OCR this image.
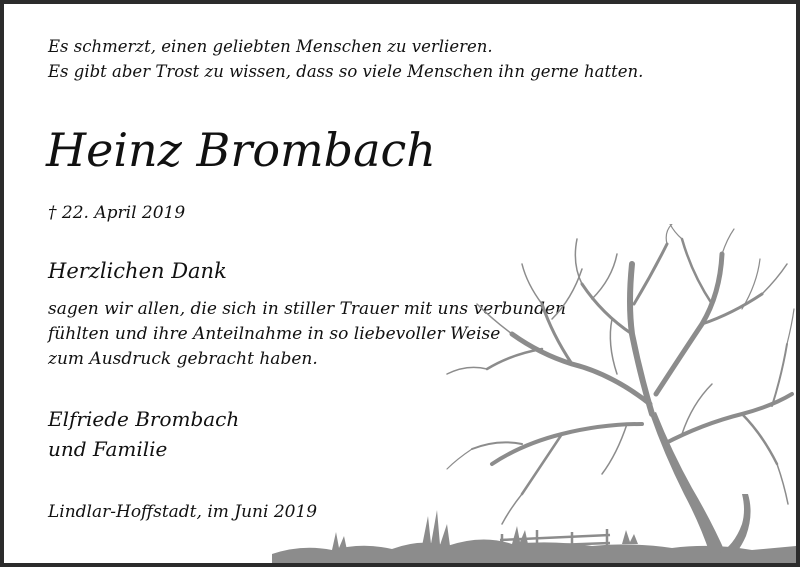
Es schmerzt, einen geliebten Menschen zu verlieren.
Es gibt aber Trost zu wissen, dass so viele Menschen ihn gerne hatten.
Heinz Brombach
† 22. April 2019
Herzlichen Dank
sagen wir allen, die sich in stiller Trauer mit uns verbunden
fühlten und ihre Anteilnahme in so liebevoller Weise
zum Ausdruck gebracht haben.
Elfriede Brombach
und Familie
Lindlar-Hoffstadt, im Juni 2019
